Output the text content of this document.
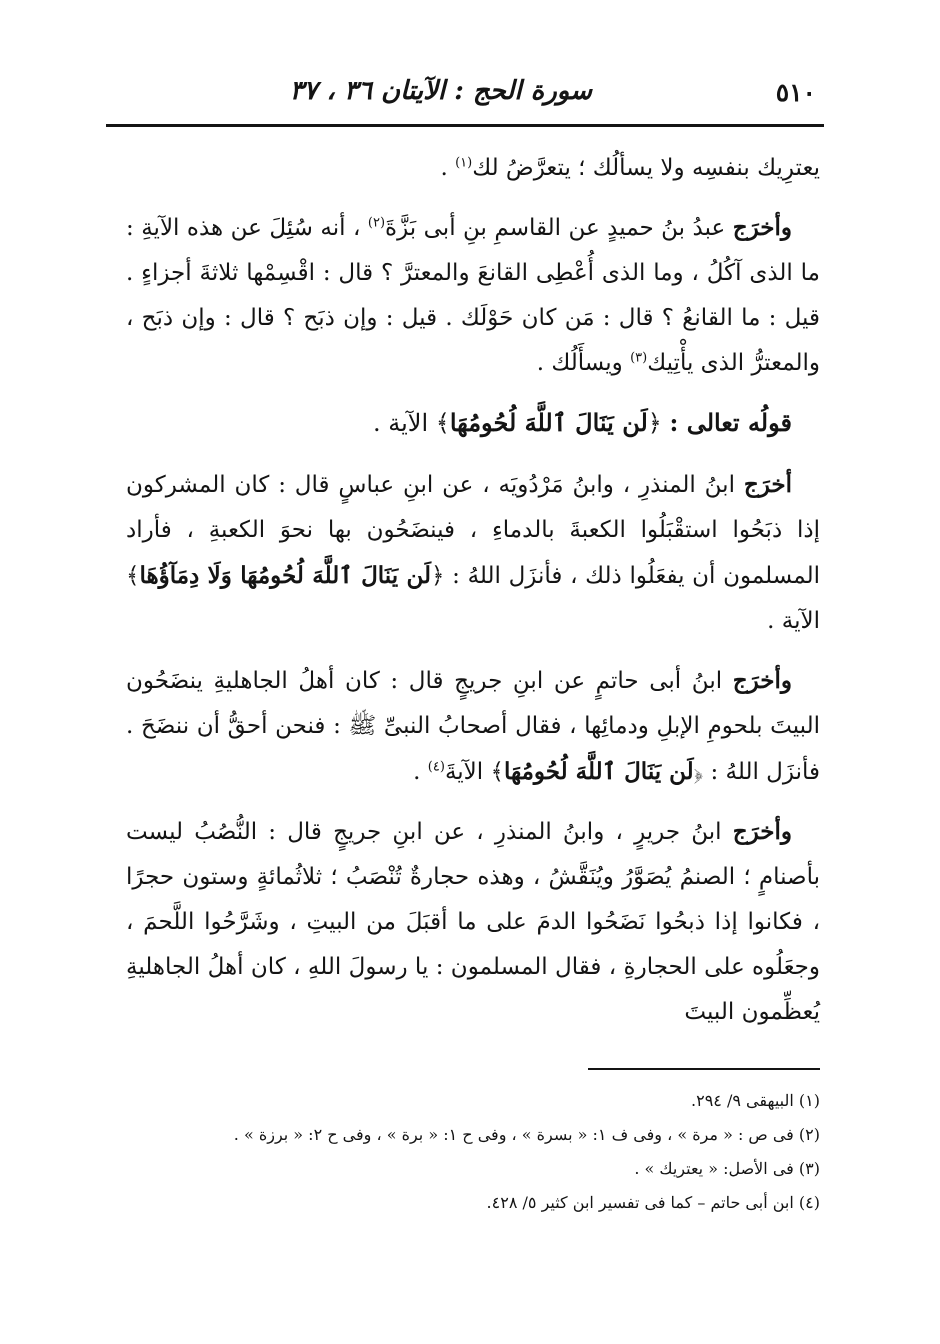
٥١٠
سورة الحج : الآيتان ٣٦ ، ٣٧

يعترِيك بنفسِه ولا يسألُك ؛ يتعرَّضُ لك$^{(١)}$ .

وأخرَج عبدُ بنُ حميدٍ عن القاسمِ بنِ أبى بَزَّةَ$^{(٢)}$ ، أنه سُئِلَ عن هذه الآيةِ : ما الذى آكُلُ ، وما الذى أُعْطِى القانعَ والمعترَّ ؟ قال : اقْسِمْها ثلاثةَ أجزاءٍ . قيل : ما القانعُ ؟ قال : مَن كان حَوْلَك . قيل : وإن ذبَح ؟ قال : وإن ذبَح ، والمعترُّ الذى يأْتِيك$^{(٣)}$ ويسأَلُك .

قولُه تعالى : ﴿لَن يَنَالَ ٱللَّهَ لُحُومُهَا﴾ الآية .

أخرَج ابنُ المنذرِ ، وابنُ مَرْدُويَه ، عن ابنِ عباسٍ قال : كان المشركون إذا ذبَحُوا استقْبَلُوا الكعبةَ بالدماءِ ، فينضَحُون بها نحوَ الكعبةِ ، فأراد المسلمون أن يفعَلُوا ذلك ، فأنزَل اللهُ : ﴿لَن يَنَالَ ٱللَّهَ لُحُومُهَا وَلَا دِمَآؤُهَا﴾ الآية .

وأخرَج ابنُ أبى حاتمٍ عن ابنِ جريجٍ قال : كان أهلُ الجاهليةِ ينضَحُون البيتَ بلحومِ الإبلِ ودمائِها ، فقال أصحابُ النبىِّ ﷺ : فنحن أحقُّ أن ننضَحَ . فأنزَل اللهُ : ﴿لَن يَنَالَ ٱللَّهَ لُحُومُهَا﴾ الآيةَ$^{(٤)}$ .

وأخرَج ابنُ جريرٍ ، وابنُ المنذرِ ، عن ابنِ جريجٍ قال : النُّصُبُ ليست بأصنامٍ ؛ الصنمُ يُصَوَّرُ ويُنَقَّشُ ، وهذه حجارةٌ تُنْصَبُ ؛ ثلاثُمائةٍ وستون حجرًا ، فكانوا إذا ذبحُوا نَضَحُوا الدمَ على ما أقبَلَ من البيتِ ، وشَرَّحُوا اللَّحمَ ، وجعَلُوه على الحجارةِ ، فقال المسلمون : يا رسولَ اللهِ ، كان أهلُ الجاهليةِ يُعظِّمون البيتَ

(١) البيهقى ٩/ ٢٩٤.

(٢) فى ص : « مرة » ، وفى ف ١: « بسرة » ، وفى ح ١: « برة » ، وفى ح ٢: « برزة » .

(٣) فى الأصل: « يعتريك » .

(٤) ابن أبى حاتم – كما فى تفسير ابن كثير ٥/ ٤٢٨.
